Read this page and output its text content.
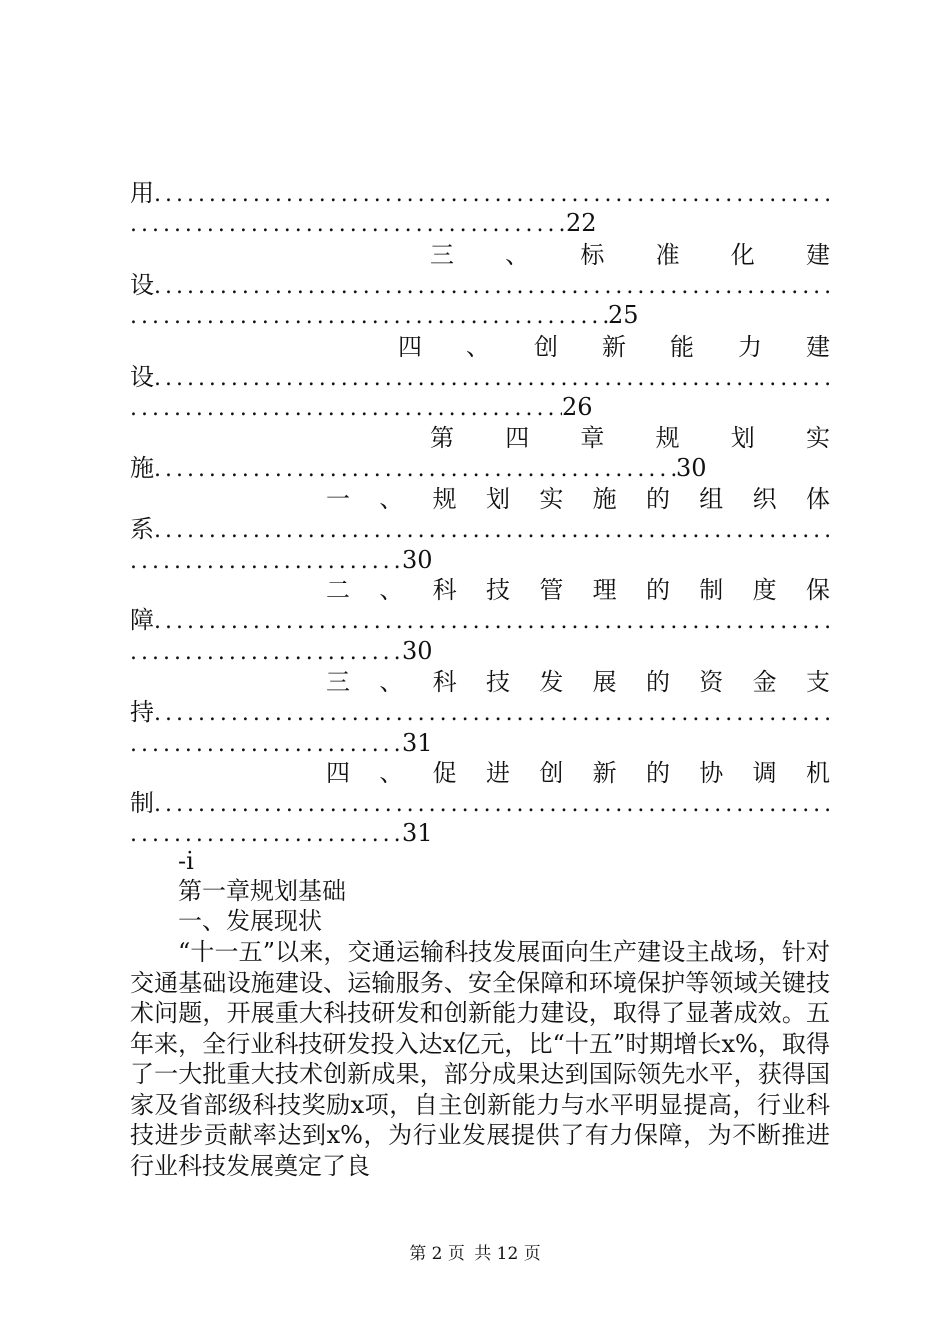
用 . . .
. . .22
三 、 标 准 化 建
设 . . .
. . .25
四 、 创 新 能 力 建
设 . . .
. . .26
第 四 章 规 划 实
施 . . .	30
一 、 规 划 实 施 的 组 织 体
系 . . .
. . .30
二 、 科 技 管 理 的 制 度 保
障 . . .
. . .30
三 、 科 技 发 展 的 资 金 支
持 . . .
. . .31
四 、 促 进 创 新 的 协 调 机
制 . . .
. . .31
-i
第一章规划基础
一、发展现状
“十一五”以来，交通运输科技发展面向生产建设主战场，针对交通基础设施建设、运输服务、安全保障和环境保护等领域关键技术问题，开展重大科技研发和创新能力建设，取得了显著成效。五年来，全行业科技研发投入达x亿元，比“十五”时期增长x%，取得了一大批重大技术创新成果，部分成果达到国际领先水平，获得国家及省部级科技奖励x项，自主创新能力与水平明显提高，行业科技进步贡献率达到x%，为行业发展提供了有力保障，为不断推进行业科技发展奠定了良
第 2 页 共 12 页
